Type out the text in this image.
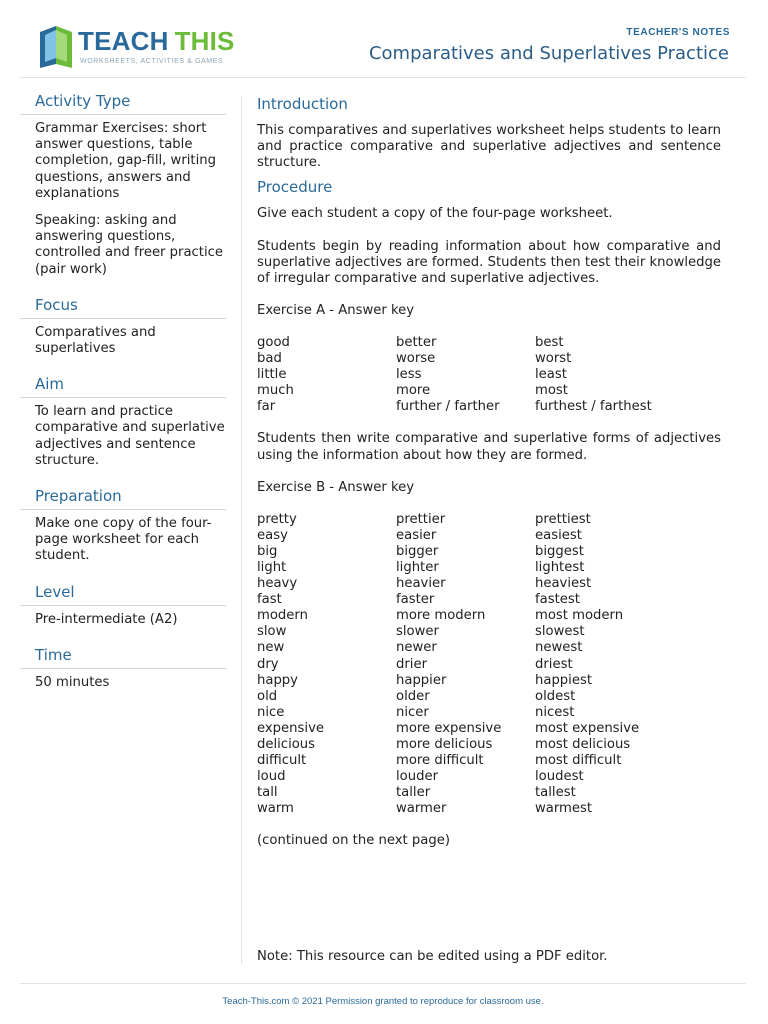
TEACH THIS
WORKSHEETS, ACTIVITIES & GAMES
TEACHER'S NOTES
Comparatives and Superlatives Practice
Activity Type

Grammar Exercises: short answer questions, table completion, gap-fill, writing questions, answers and explanations

Speaking: asking and answering questions, controlled and freer practice (pair work)

Focus
Comparatives and superlatives
Aim
To learn and practice comparative and superlative adjectives and sentence structure.
Preparation
Make one copy of the four-page worksheet for each student.
Level
Pre-intermediate (A2)
Time
50 minutes
Introduction

This comparatives and superlatives worksheet helps students to learn and practice comparative and superlative adjectives and sentence structure.

Procedure

Give each student a copy of the four-page worksheet.

Students begin by reading information about how comparative and superlative adjectives are formed. Students then test their knowledge of irregular comparative and superlative adjectives.

Exercise A - Answer key

good	better	best
bad	worse	worst
little	less	least
much	more	most
far	further / farther	furthest / farthest

Students then write comparative and superlative forms of adjectives using the information about how they are formed.

Exercise B - Answer key

pretty	prettier	prettiest
easy	easier	easiest
big	bigger	biggest
light	lighter	lightest
heavy	heavier	heaviest
fast	faster	fastest
modern	more modern	most modern
slow	slower	slowest
new	newer	newest
dry	drier	driest
happy	happier	happiest
old	older	oldest
nice	nicer	nicest
expensive	more expensive	most expensive
delicious	more delicious	most delicious
difficult	more difficult	most difficult
loud	louder	loudest
tall	taller	tallest
warm	warmer	warmest

(continued on the next page)

Note: This resource can be edited using a PDF editor.
Teach-This.com © 2021 Permission granted to reproduce for classroom use.
